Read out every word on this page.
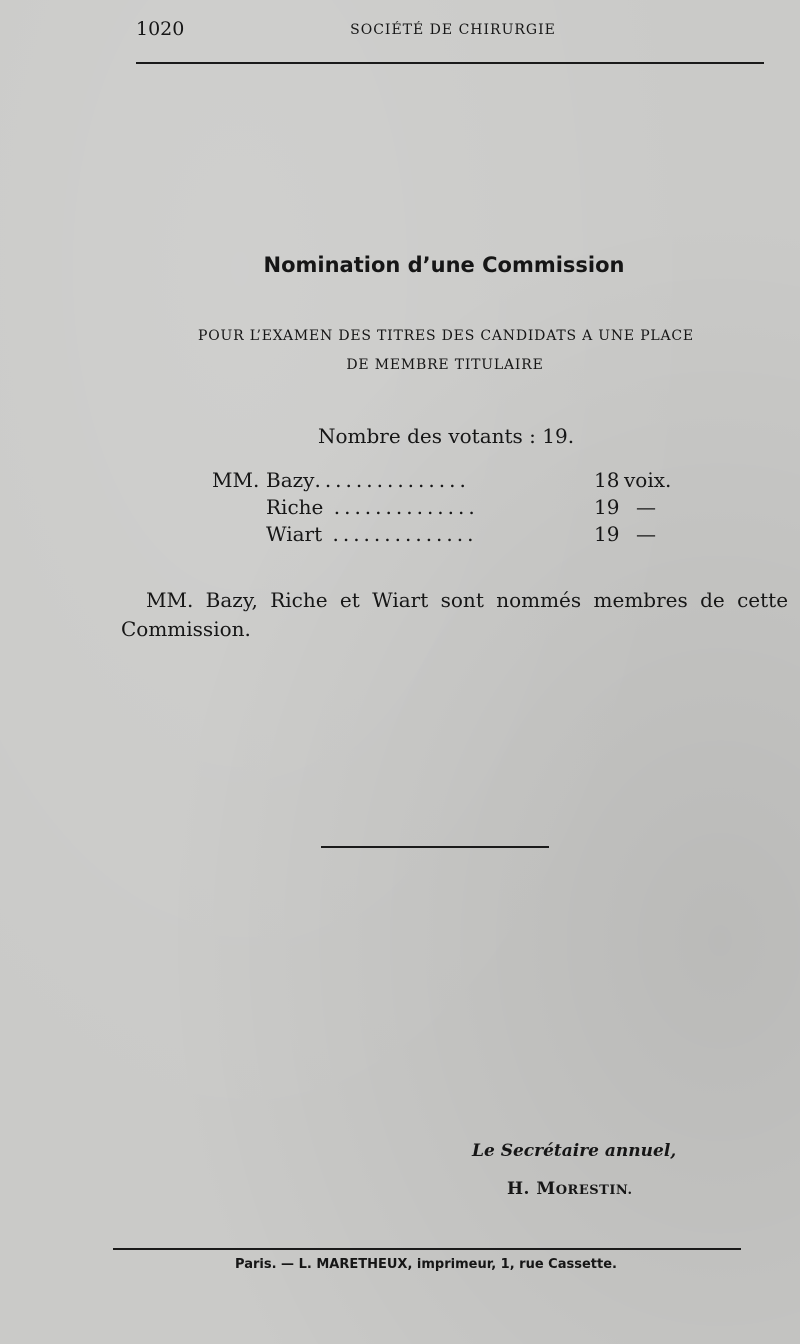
1020	SOCIÉTÉ DE CHIRURGIE
Nomination d’une Commission
POUR L’EXAMEN DES TITRES DES CANDIDATS A UNE PLACE
DE MEMBRE TITULAIRE
Nombre des votants : 19.
MM. Bazy...............	18 voix.
Riche ..............	19 —
Wiart ..............	19 —
MM. Bazy, Riche et Wiart sont nommés membres de cette
Commission.
Le Secrétaire annuel,
H. MORESTIN.
Paris. — L. MARETHEUX, imprimeur, 1, rue Cassette.
